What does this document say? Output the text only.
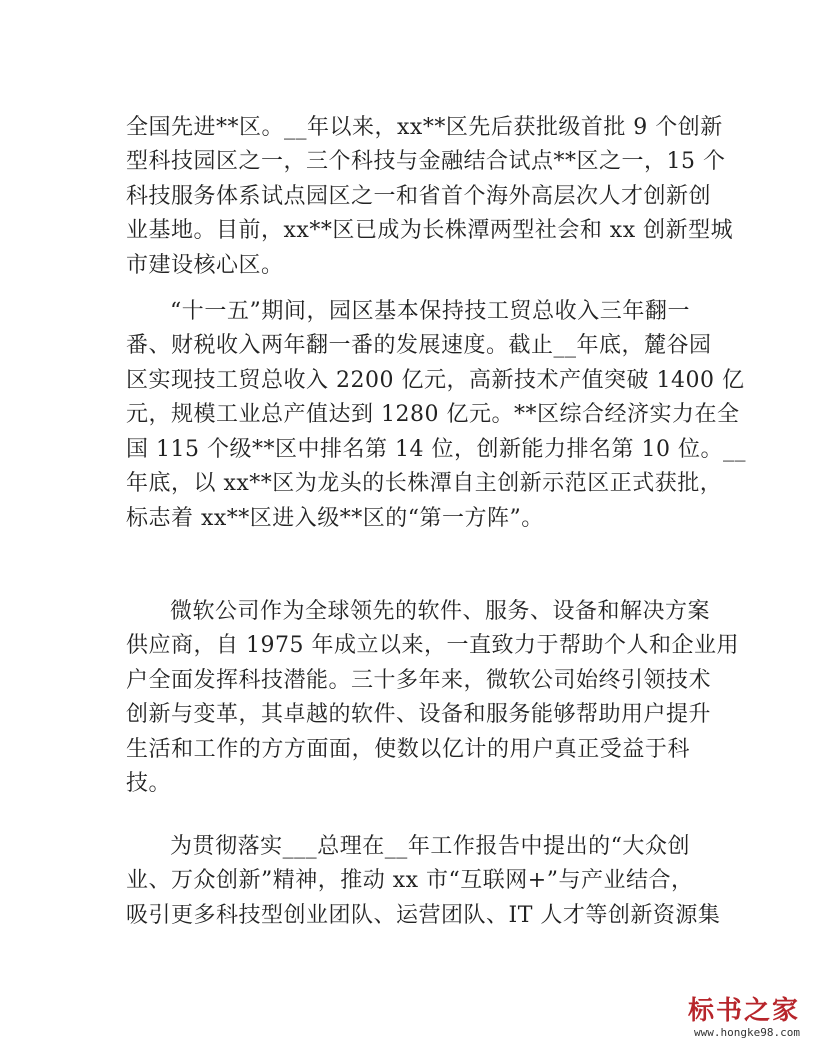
全国先进**区。__年以来，xx**区先后获批级首批 9 个创新
型科技园区之一，三个科技与金融结合试点**区之一，15 个
科技服务体系试点园区之一和省首个海外高层次人才创新创
业基地。目前，xx**区已成为长株潭两型社会和 xx 创新型城
市建设核心区。
“十一五”期间，园区基本保持技工贸总收入三年翻一
番、财税收入两年翻一番的发展速度。截止__年底，麓谷园
区实现技工贸总收入 2200 亿元，高新技术产值突破 1400 亿
元，规模工业总产值达到 1280 亿元。**区综合经济实力在全
国 115 个级**区中排名第 14 位，创新能力排名第 10 位。__
年底，以 xx**区为龙头的长株潭自主创新示范区正式获批，
标志着 xx**区进入级**区的“第一方阵”。
微软公司作为全球领先的软件、服务、设备和解决方案
供应商，自 1975 年成立以来，一直致力于帮助个人和企业用
户全面发挥科技潜能。三十多年来，微软公司始终引领技术
创新与变革，其卓越的软件、设备和服务能够帮助用户提升
生活和工作的方方面面，使数以亿计的用户真正受益于科
技。
为贯彻落实___总理在__年工作报告中提出的“大众创
业、万众创新”精神，推动 xx 市“互联网+”与产业结合，
吸引更多科技型创业团队、运营团队、IT 人才等创新资源集
标书之家
www.hongke98.com
